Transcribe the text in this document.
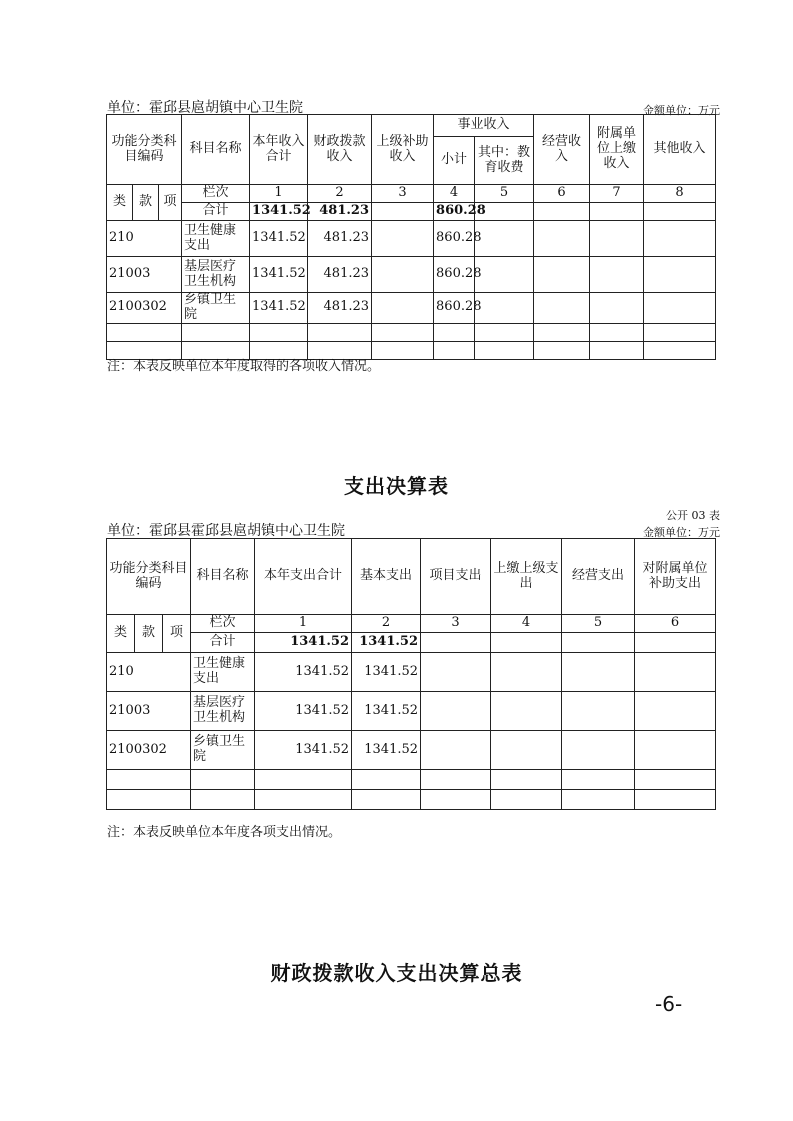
单位：霍邱县扈胡镇中心卫生院	金额单位：万元
功能分类科目编码			科目名称	本年收入合计	财政拨款收入	上级补助收入	事业收入		经营收入	附属单位上缴收入	其他收入
							小计	其中：教育收费			
类	款	项	栏次	1	2	3	4	5	6	7	8
			合计	1341.52	481.23		860.28				
210			卫生健康支出	1341.52	481.23		860.28				
21003			基层医疗卫生机构	1341.52	481.23		860.28				
2100302			乡镇卫生院	1341.52	481.23		860.28				

注：本表反映单位本年度取得的各项收入情况。
支出决算表
公开 03 表
单位：霍邱县霍邱县扈胡镇中心卫生院	金额单位：万元
功能分类科目编码			科目名称	本年支出合计	基本支出	项目支出	上缴上级支出	经营支出	对附属单位补助支出
类	款	项	栏次	1	2	3	4	5	6
			合计	1341.52	1341.52				
210			卫生健康支出	1341.52	1341.52				
21003			基层医疗卫生机构	1341.52	1341.52				
2100302			乡镇卫生院	1341.52	1341.52				

注：本表反映单位本年度各项支出情况。
财政拨款收入支出决算总表
-6-
